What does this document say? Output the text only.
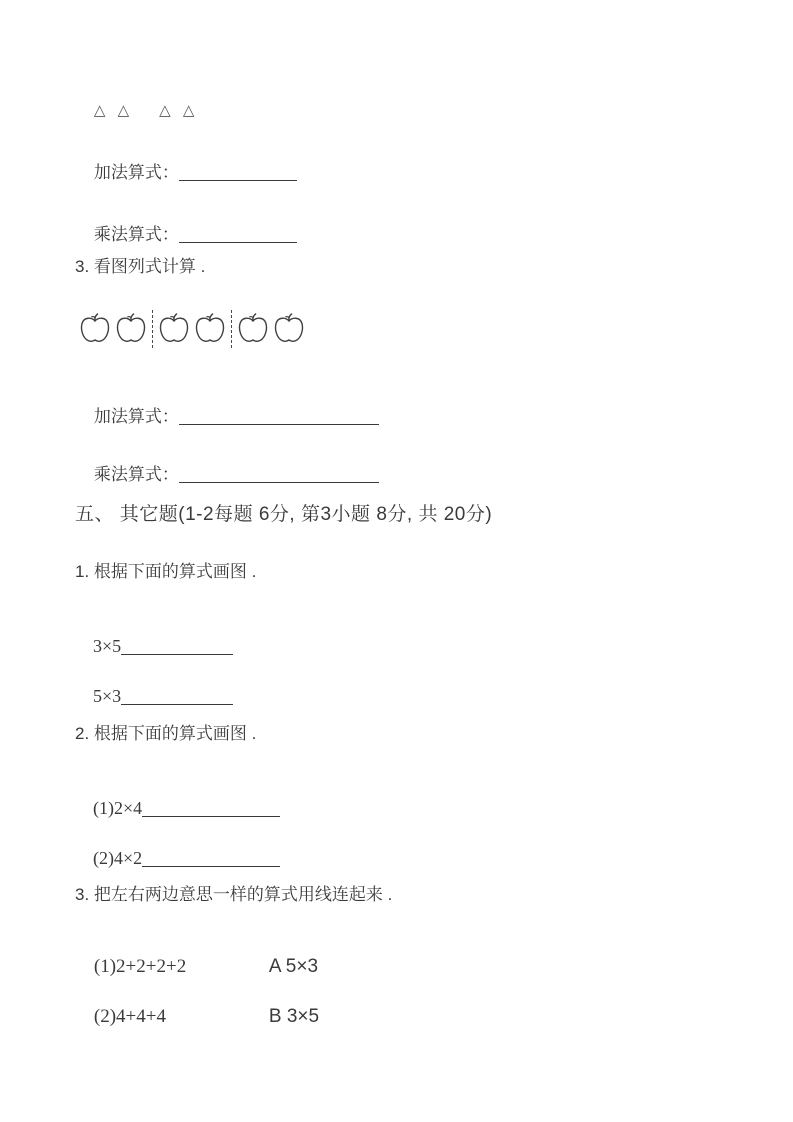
△ △ △ △

加法算式：

乘法算式：

3. 看图列式计算 .

加法算式：

乘法算式：

五、 其它题(1-2每题 6分, 第3小题 8分, 共 20分)
1. 根据下面的算式画图 .

3×5

5×3

2. 根据下面的算式画图 .

(1)2×4

(2)4×2

3. 把左右两边意思一样的算式用线连起来 .

(1)2+2+2+2	A 5×3

(2)4+4+4	B 3×5
